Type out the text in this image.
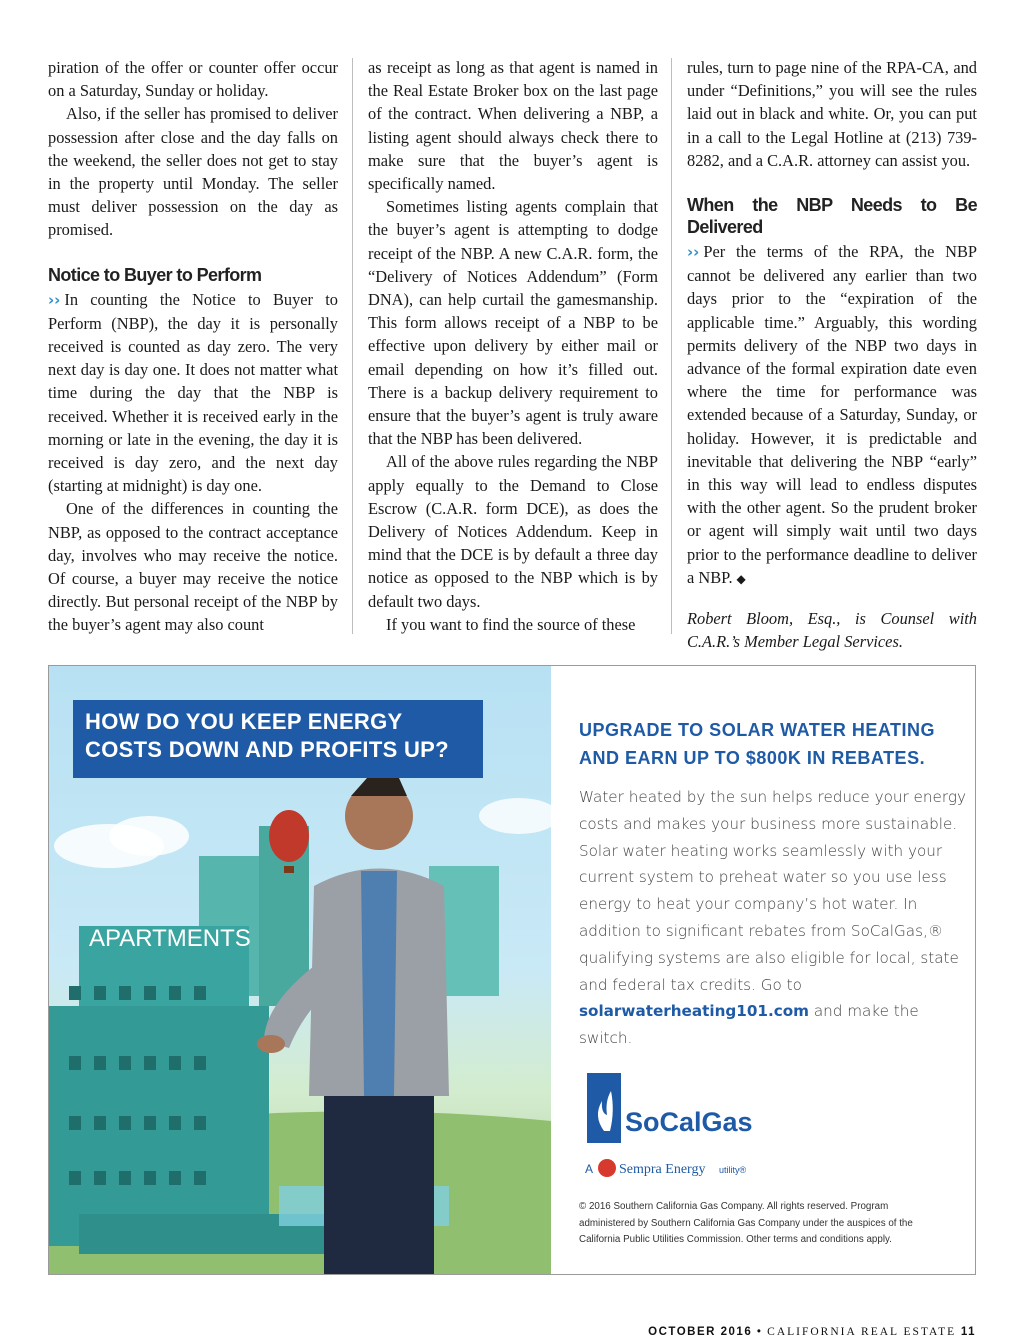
piration of the offer or counter offer occur on a Saturday, Sunday or holiday.

Also, if the seller has promised to deliver possession after close and the day falls on the weekend, the seller does not get to stay in the property until Monday. The seller must deliver possession on the day as promised.

Notice to Buyer to Perform

›› In counting the Notice to Buyer to Perform (NBP), the day it is personally received is counted as day zero. The very next day is day one. It does not matter what time during the day that the NBP is received. Whether it is received early in the morning or late in the evening, the day it is received is day zero, and the next day (starting at midnight) is day one.

One of the differences in counting the NBP, as opposed to the contract acceptance day, involves who may receive the notice. Of course, a buyer may receive the notice directly. But personal receipt of the NBP by the buyer’s agent may also count

as receipt as long as that agent is named in the Real Estate Broker box on the last page of the contract. When delivering a NBP, a listing agent should always check there to make sure that the buyer’s agent is specifically named.

Sometimes listing agents complain that the buyer’s agent is attempting to dodge receipt of the NBP. A new C.A.R. form, the “Delivery of Notices Addendum” (Form DNA), can help curtail the gamesmanship. This form allows receipt of a NBP to be effective upon delivery by either mail or email depending on how it’s filled out. There is a backup delivery requirement to ensure that the buyer’s agent is truly aware that the NBP has been delivered.

All of the above rules regarding the NBP apply equally to the Demand to Close Escrow (C.A.R. form DCE), as does the Delivery of Notices Addendum. Keep in mind that the DCE is by default a three day notice as opposed to the NBP which is by default two days.

If you want to find the source of these

rules, turn to page nine of the RPA-CA, and under “Definitions,” you will see the rules laid out in black and white. Or, you can put in a call to the Legal Hotline at (213) 739-8282, and a C.A.R. attorney can assist you.

When the NBP Needs to Be Delivered

›› Per the terms of the RPA, the NBP cannot be delivered any earlier than two days prior to the “expiration of the applicable time.” Arguably, this wording permits delivery of the NBP two days in advance of the formal expiration date even where the time for performance was extended because of a Saturday, Sunday, or holiday. However, it is predictable and inevitable that delivering the NBP “early” in this way will lead to endless disputes with the other agent. So the prudent broker or agent will simply wait until two days prior to the performance deadline to deliver a NBP. ◆

Robert Bloom, Esq., is Counsel with C.A.R.’s Member Legal Services.

APARTMENTS
HOW DO YOU KEEP ENERGY
COSTS DOWN AND PROFITS UP?
UPGRADE TO SOLAR WATER HEATING
AND EARN UP TO $800K IN REBATES.
Water heated by the sun helps reduce your energy costs and makes your business more sustainable. Solar water heating works seamlessly with your current system to preheat water so you use less energy to heat your company’s hot water. In addition to significant rebates from SoCalGas,® qualifying systems are also eligible for local, state and federal tax credits. Go to solarwaterheating101.com and make the switch.
SoCalGas
A Sempra Energy utility®
© 2016 Southern California Gas Company. All rights reserved. Program administered by Southern California Gas Company under the auspices of the California Public Utilities Commission. Other terms and conditions apply.
OCTOBER 2016 • CALIFORNIA REAL ESTATE 11
